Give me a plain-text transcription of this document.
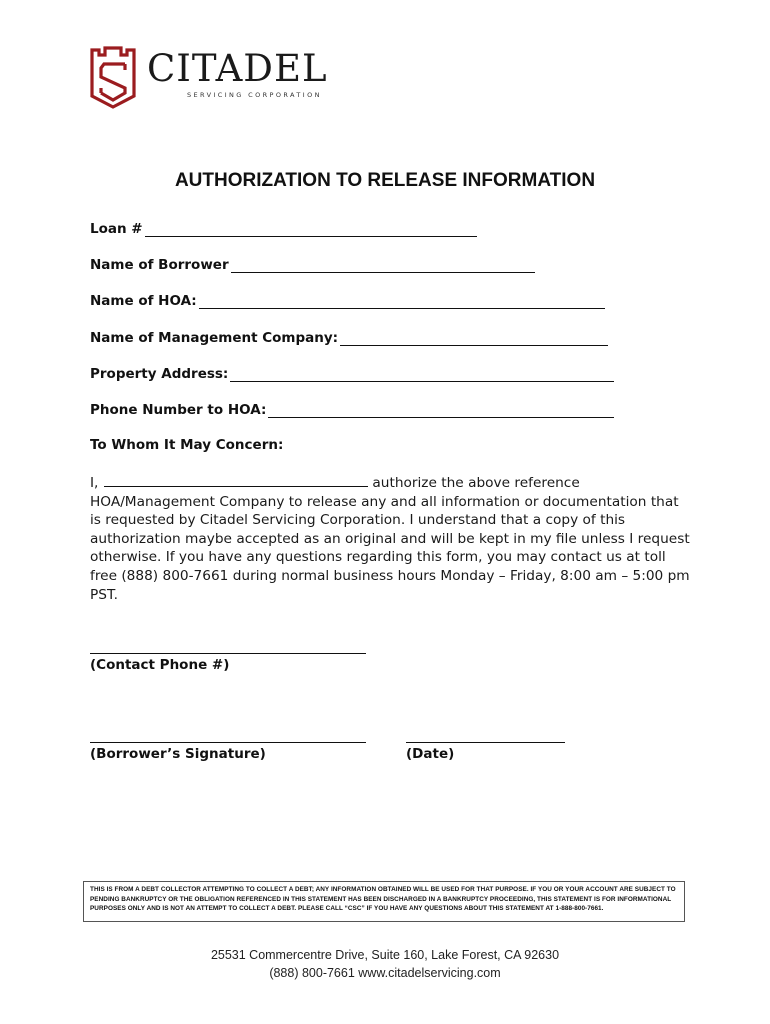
CITADEL
SERVICING CORPORATION
AUTHORIZATION TO RELEASE INFORMATION
Loan #
Name of Borrower
Name of HOA:
Name of Management Company:
Property Address:
Phone Number to HOA:
To Whom It May Concern:
I,	authorize the above reference HOA/Management Company to release any and all information or documentation that is requested by Citadel Servicing Corporation. I understand that a copy of this authorization maybe accepted as an original and will be kept in my file unless I request otherwise. If you have any questions regarding this form, you may contact us at toll free (888) 800-7661 during normal business hours Monday – Friday, 8:00 am – 5:00 pm PST.
(Contact Phone #)
(Borrower’s Signature)	(Date)
THIS IS FROM A DEBT COLLECTOR ATTEMPTING TO COLLECT A DEBT; ANY INFORMATION OBTAINED WILL BE USED FOR THAT PURPOSE. IF YOU OR YOUR ACCOUNT ARE SUBJECT TO PENDING BANKRUPTCY OR THE OBLIGATION REFERENCED IN THIS STATEMENT HAS BEEN DISCHARGED IN A BANKRUPTCY PROCEEDING, THIS STATEMENT IS FOR INFORMATIONAL PURPOSES ONLY AND IS NOT AN ATTEMPT TO COLLECT A DEBT. PLEASE CALL “CSC” IF YOU HAVE ANY QUESTIONS ABOUT THIS STATEMENT AT 1-888-800-7661.
25531 Commercentre Drive, Suite 160, Lake Forest, CA 92630
(888) 800-7661 www.citadelservicing.com
